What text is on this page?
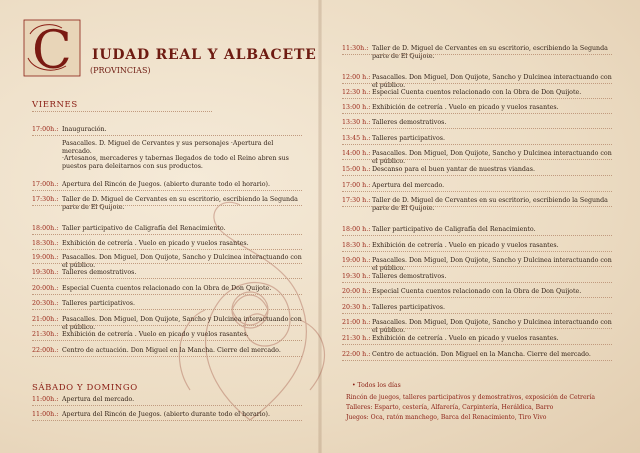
C IUDAD REAL Y ALBACETE
(PROVINCIAS)
VIERNES
17:00h.: Inauguración.
Pasacalles. D. Miguel de Cervantes y sus personajes ·Apertura del mercado.
·Artesanos, mercaderes y tabernas llegados de todo el Reino abren sus puestos para deleitarnos con sus productos.
17:00h.: Apertura del Rincón de Juegos. (abierto durante todo el horario).
17:30h.: Taller de D. Miguel de Cervantes en su escritorio, escribiendo la Segunda parte de El Quijote.
18:00h.: Taller participativo de Caligrafía del Renacimiento.
18:30h.: Exhibición de cetrería . Vuelo en picado y vuelos rasantes.
19:00h.: Pasacalles. Don Miguel, Don Quijote, Sancho y Dulcinea interactuando con el público.
19:30h.: Talleres demostrativos.
20:00h.: Especial Cuenta cuentos relacionado con la Obra de Don Quijote.
20:30h.: Talleres participativos.
21:00h.: Pasacalles. Don Miguel, Don Quijote, Sancho y Dulcinea interactuando con el público.
21:30h.: Exhibición de cetrería . Vuelo en picado y vuelos rasantes.
22:00h.: Centro de actuación. Don Miguel en la Mancha. Cierre del mercado.
SÁBADO Y DOMINGO
11:00h.: Apertura del mercado.
11:00h.: Apertura del Rincón de Juegos. (abierto durante todo el horario).
11:30h.: Taller de D. Miguel de Cervantes en su escritorio, escribiendo la Segunda parte de El Quijote.
12:00 h.: Pasacalles. Don Miguel, Don Quijote, Sancho y Dulcinea interactuando con el público.
12:30 h.: Especial Cuenta cuentos relacionado con la Obra de Don Quijote.
13:00 h.: Exhibición de cetrería . Vuelo en picado y vuelos rasantes.
13:30 h.: Talleres demostrativos.
13:45 h.: Talleres participativos.
14:00 h.: Pasacalles. Don Miguel, Don Quijote, Sancho y Dulcinea interactuando con el público.
15:00 h.: Descanso para el buen yantar de nuestras viandas.
17:00 h.: Apertura del mercado.
17:30 h.: Taller de D. Miguel de Cervantes en su escritorio, escribiendo la Segunda parte de El Quijote.
18:00 h.: Taller participativo de Caligrafía del Renacimiento.
18:30 h.: Exhibición de cetrería . Vuelo en picado y vuelos rasantes.
19:00 h.: Pasacalles. Don Miguel, Don Quijote, Sancho y Dulcinea interactuando con el público.
19:30 h.: Talleres demostrativos.
20:00 h.: Especial Cuenta cuentos relacionado con la Obra de Don Quijote.
20:30 h.: Talleres participativos.
21:00 h.: Pasacalles. Don Miguel, Don Quijote, Sancho y Dulcinea interactuando con el público.
21:30 h.: Exhibición de cetrería . Vuelo en picado y vuelos rasantes.
22:00 h.: Centro de actuación. Don Miguel en la Mancha. Cierre del mercado.
• Todos los días
Rincón de juegos, talleres participativos y demostrativos, exposición de Cetrería
Talleres: Esparto, cestería, Alfarería, Carpintería, Heráldica, Barro
Juegos: Oca, ratón manchego, Barca del Renacimiento, Tiro Vivo
